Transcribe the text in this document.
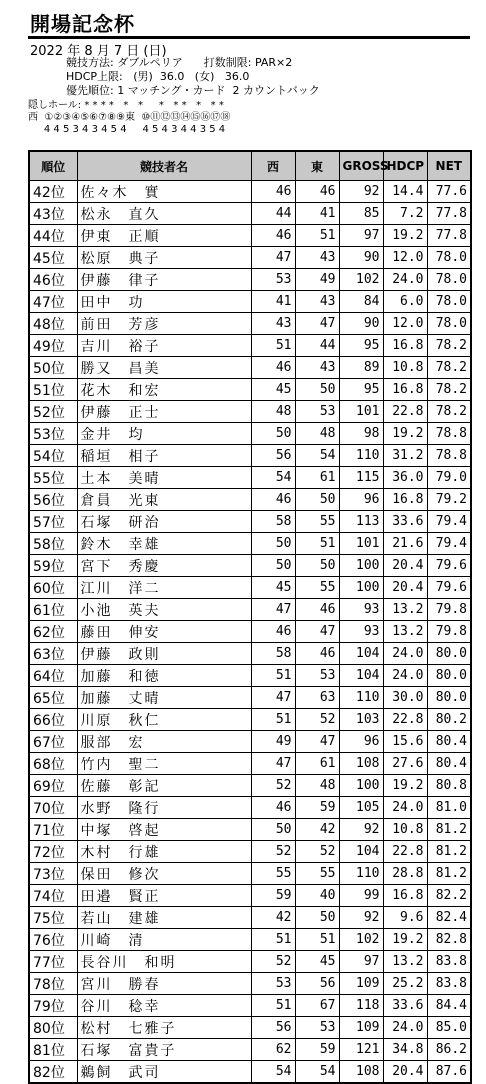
開場記念杯
2022 年 8 月 7 日 (日)
競技方法: ダブルペリア      打数制限: PAR×2
HDCP上限:   (男)  36.0   (女)   36.0
優先順位: 1 マッチング・カード  2 カウントバック
隠しホール: * * * *   *   *     *   * *   *   * *
西  ①②③④⑤⑥⑦⑧⑨東  ⑩⑪⑫⑬⑭⑮⑯⑰⑱
4 4 5 3 4 3 4 5 4     4 5 4 3 4 4 3 5 4
順位	競技者名	西	東	GROSS	HDCP	NET
42位	佐々木　實	46	46	92	14.4	77.6
43位	松永　直久	44	41	85	7.2	77.8
44位	伊東　正順	46	51	97	19.2	77.8
45位	松原　典子	47	43	90	12.0	78.0
46位	伊藤　律子	53	49	102	24.0	78.0
47位	田中　功	41	43	84	6.0	78.0
48位	前田　芳彦	43	47	90	12.0	78.0
49位	吉川　裕子	51	44	95	16.8	78.2
50位	勝又　昌美	46	43	89	10.8	78.2
51位	花木　和宏	45	50	95	16.8	78.2
52位	伊藤　正士	48	53	101	22.8	78.2
53位	金井　均	50	48	98	19.2	78.8
54位	稲垣　相子	56	54	110	31.2	78.8
55位	土本　美晴	54	61	115	36.0	79.0
56位	倉員　光東	46	50	96	16.8	79.2
57位	石塚　研治	58	55	113	33.6	79.4
58位	鈴木　幸雄	50	51	101	21.6	79.4
59位	宮下　秀慶	50	50	100	20.4	79.6
60位	江川　洋二	45	55	100	20.4	79.6
61位	小池　英夫	47	46	93	13.2	79.8
62位	藤田　伸安	46	47	93	13.2	79.8
63位	伊藤　政則	58	46	104	24.0	80.0
64位	加藤　和徳	51	53	104	24.0	80.0
65位	加藤　丈晴	47	63	110	30.0	80.0
66位	川原　秋仁	51	52	103	22.8	80.2
67位	服部　宏	49	47	96	15.6	80.4
68位	竹内　聖二	47	61	108	27.6	80.4
69位	佐藤　彰記	52	48	100	19.2	80.8
70位	水野　隆行	46	59	105	24.0	81.0
71位	中塚　啓起	50	42	92	10.8	81.2
72位	木村　行雄	52	52	104	22.8	81.2
73位	保田　修次	55	55	110	28.8	81.2
74位	田邉　賢正	59	40	99	16.8	82.2
75位	若山　建雄	42	50	92	9.6	82.4
76位	川崎　清	51	51	102	19.2	82.8
77位	長谷川　和明	52	45	97	13.2	83.8
78位	宮川　勝春	53	56	109	25.2	83.8
79位	谷川　稔幸	51	67	118	33.6	84.4
80位	松村　七雅子	56	53	109	24.0	85.0
81位	石塚　富貴子	62	59	121	34.8	86.2
82位	鵜飼　武司	54	54	108	20.4	87.6
